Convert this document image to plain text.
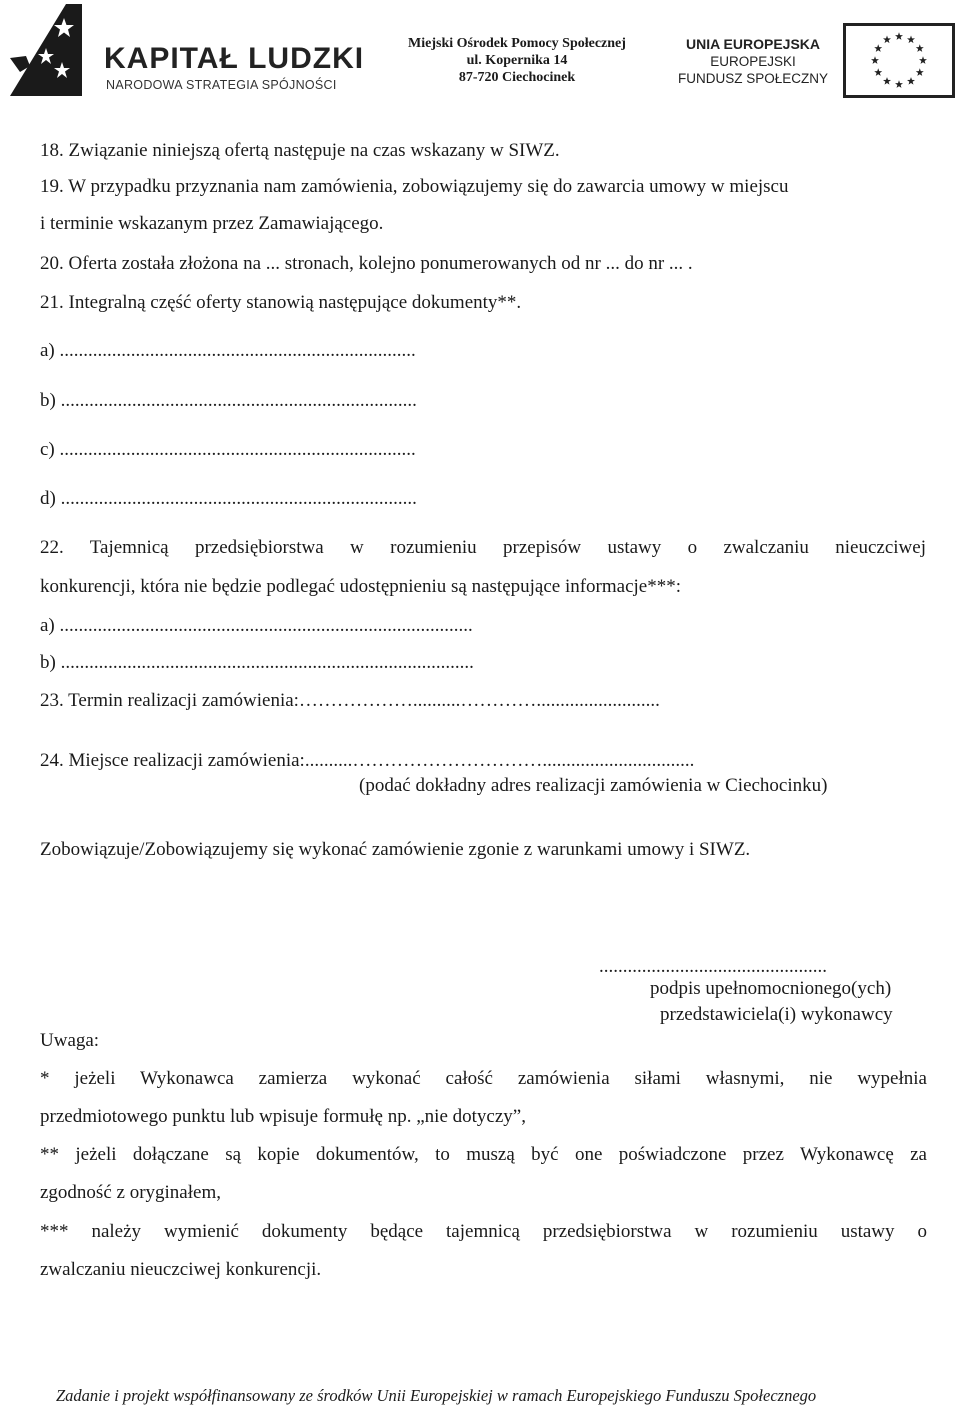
KAPITAŁ LUDZKI
NARODOWA STRATEGIA SPÓJNOŚCI
Miejski Ośrodek Pomocy Społecznej
ul. Kopernika 14
87-720 Ciechocinek
UNIA EUROPEJSKA
EUROPEJSKI
FUNDUSZ SPOŁECZNY
18. Związanie niniejszą ofertą następuje na czas wskazany w SIWZ.
19. W przypadku przyznania nam zamówienia, zobowiązujemy się do zawarcia umowy w miejscu
i terminie wskazanym przez Zamawiającego.
20. Oferta została złożona na ... stronach, kolejno ponumerowanych od nr ... do nr ... .
21. Integralną część oferty stanowią następujące dokumenty**.
a) ...........................................................................
b) ...........................................................................
c) ...........................................................................
d) ...........................................................................
22. Tajemnicą przedsiębiorstwa w rozumieniu przepisów ustawy o zwalczaniu nieuczciwej
konkurencji, która nie będzie podlegać udostępnieniu są następujące informacje***:
a) .......................................................................................
b) .......................................................................................
23. Termin realizacji zamówienia:………………..........…………..........................
24. Miejsce realizacji zamówienia:..........…………………………................................
(podać dokładny adres realizacji zamówienia w Ciechocinku)
Zobowiązuje/Zobowiązujemy się wykonać zamówienie zgonie z warunkami umowy i SIWZ.
................................................
podpis upełnomocnionego(ych)
przedstawiciela(i) wykonawcy
Uwaga:
* jeżeli Wykonawca zamierza wykonać całość zamówienia siłami własnymi, nie wypełnia
przedmiotowego punktu lub wpisuje formułę np. „nie dotyczy”,
** jeżeli dołączane są kopie dokumentów, to muszą być one poświadczone przez Wykonawcę za
zgodność z oryginałem,
*** należy wymienić dokumenty będące tajemnicą przedsiębiorstwa w rozumieniu ustawy o
zwalczaniu nieuczciwej konkurencji.
Zadanie i projekt współfinansowany ze środków Unii Europejskiej w ramach Europejskiego Funduszu Społecznego
